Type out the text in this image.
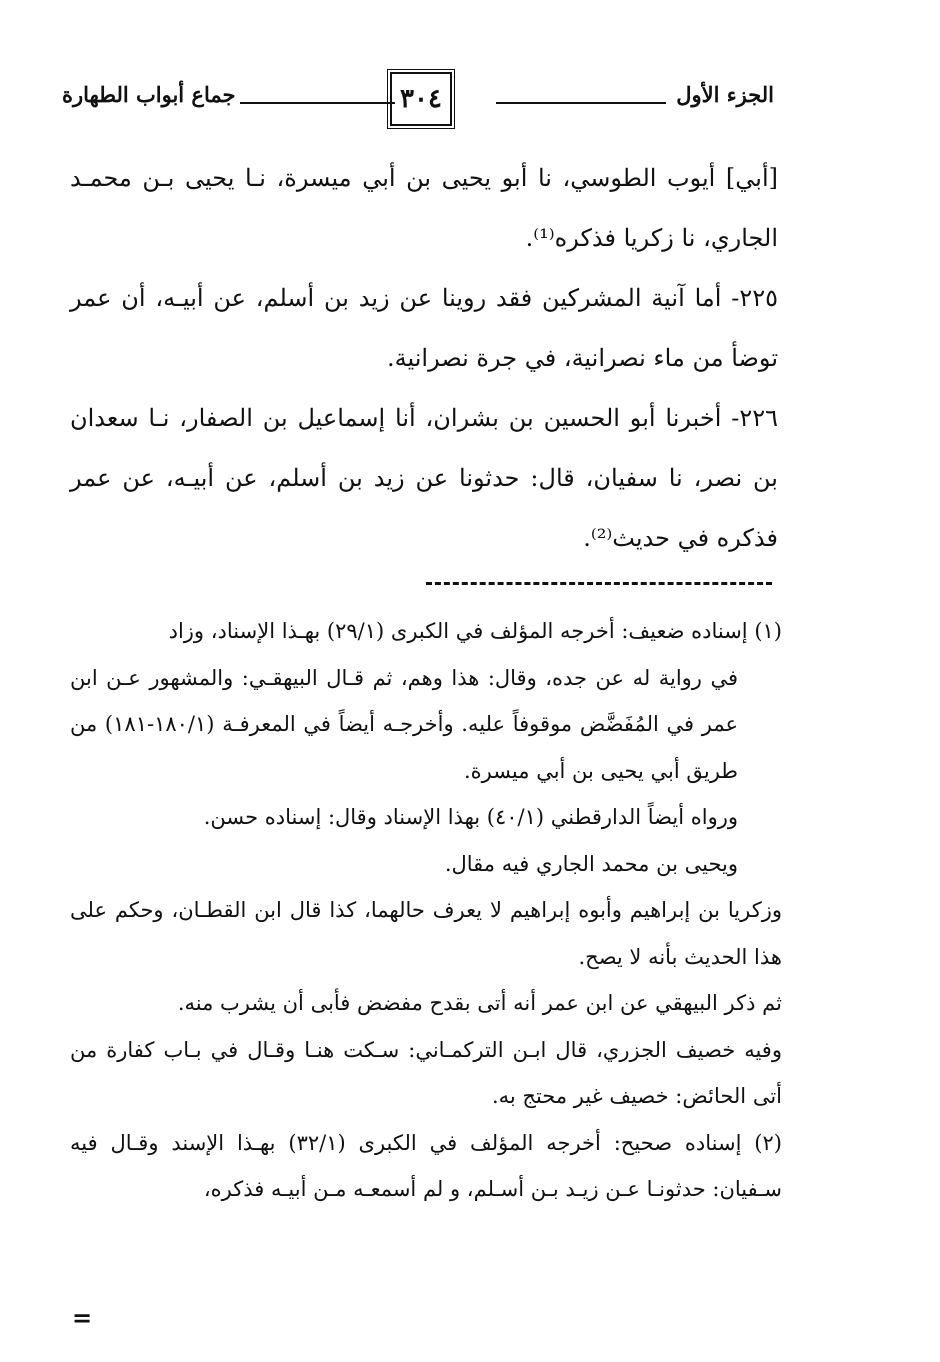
الجزء الأول
٣٠٤
جماع أبواب الطهارة

[أبي] أيوب الطوسي، نا أبو يحيى بن أبي ميسرة، نـا يحيى بـن محمـد الجاري، نا زكريا فذكره⁽¹⁾.

٢٢٥- أما آنية المشركين فقد روينا عن زيد بن أسلم، عن أبيـه، أن عمر توضأ من ماء نصرانية، في جرة نصرانية.

٢٢٦- أخبرنا أبو الحسين بن بشران، أنا إسماعيل بن الصفار، نـا سعدان بن نصر، نا سفيان، قال: حدثونا عن زيد بن أسلم، عن أبيـه، عن عمر فذكره في حديث⁽²⁾.

(١) إسناده ضعيف: أخرجه المؤلف في الكبرى (٢٩/١) بهـذا الإسناد، وزاد

في رواية له عن جده، وقال: هذا وهم، ثم قـال البيهقـي: والمشهور عـن ابن عمر في المُفَضَّض موقوفاً عليه. وأخرجـه أيضاً في المعرفـة (١٨٠/١-١٨١) من طريق أبي يحيى بن أبي ميسرة.

ورواه أيضاً الدارقطني (٤٠/١) بهذا الإسناد وقال: إسناده حسن.

ويحيى بن محمد الجاري فيه مقال.

وزكريا بن إبراهيم وأبوه إبراهيم لا يعرف حالهما، كذا قال ابن القطـان، وحكم على هذا الحديث بأنه لا يصح.

ثم ذكر البيهقي عن ابن عمر أنه أتى بقدح مفضض فأبى أن يشرب منه.

وفيه خصيف الجزري، قال ابـن التركمـاني: سـكت هنـا وقـال في بـاب كفارة من أتى الحائض: خصيف غير محتج به.

(٢) إسناده صحيح: أخرجه المؤلف في الكبرى (٣٢/١) بهـذا الإسند وقـال فيه سـفيان: حدثونـا عـن زيـد بـن أسـلم، و لم أسمعـه مـن أبيـه فذكره،

=
